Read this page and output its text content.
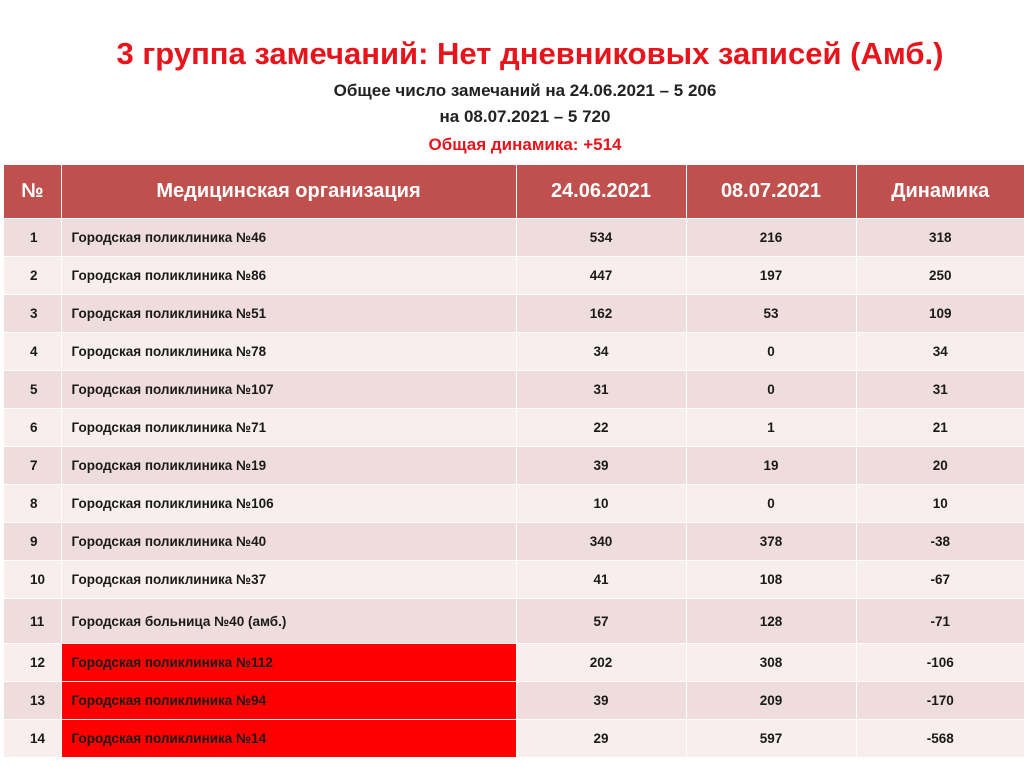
3 группа замечаний: Нет дневниковых записей (Амб.)
Общее число замечаний на 24.06.2021 – 5 206
на 08.07.2021 – 5 720
Общая динамика: +514
№	Медицинская организация	24.06.2021	08.07.2021	Динамика
1	Городская поликлиника №46	534	216	318
2	Городская поликлиника №86	447	197	250
3	Городская поликлиника №51	162	53	109
4	Городская поликлиника №78	34	0	34
5	Городская поликлиника №107	31	0	31
6	Городская поликлиника №71	22	1	21
7	Городская поликлиника №19	39	19	20
8	Городская поликлиника №106	10	0	10
9	Городская поликлиника №40	340	378	-38
10	Городская поликлиника №37	41	108	-67
11	Городская больница №40 (амб.)	57	128	-71
12	Городская поликлиника №112	202	308	-106
13	Городская поликлиника №94	39	209	-170
14	Городская поликлиника №14	29	597	-568
